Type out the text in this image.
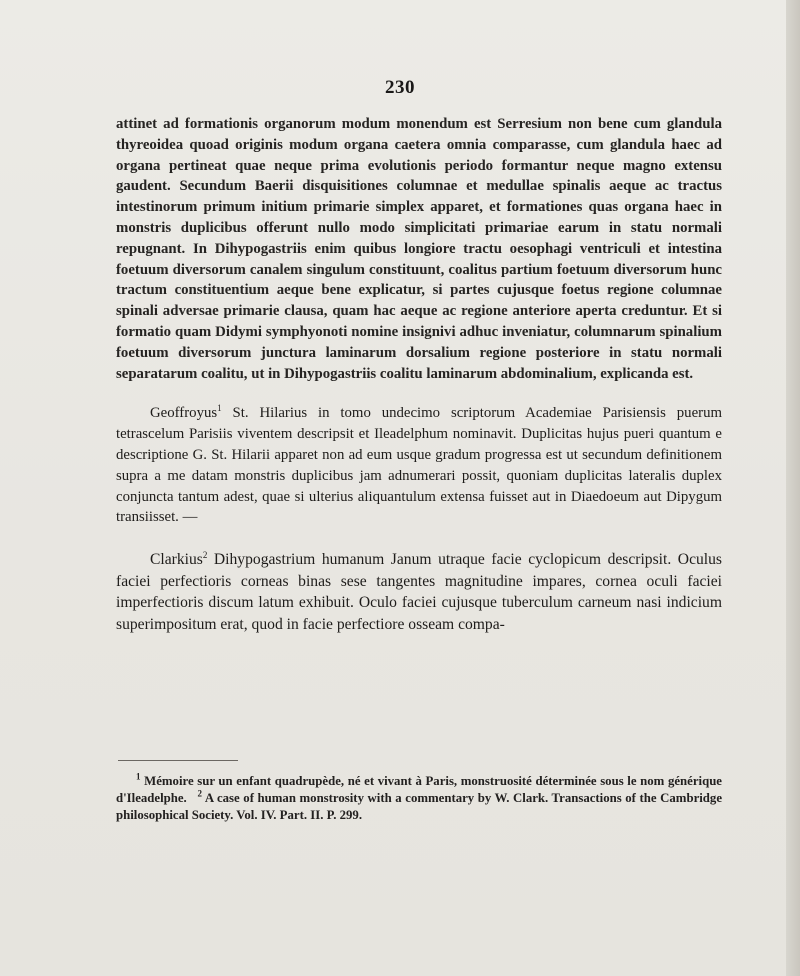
230

attinet ad formationis organorum modum monendum est Serresium non bene cum glandula thyreoidea quoad originis modum organa caetera omnia comparasse, cum glandula haec ad organa pertineat quae neque prima evolutionis periodo formantur neque magno extensu gaudent. Secundum Baerii disquisitiones columnae et medullae spinalis aeque ac tractus intestinorum primum initium primarie simplex apparet, et formationes quas organa haec in monstris duplicibus offerunt nullo modo simplicitati primariae earum in statu normali repugnant. In Dihypogastriis enim quibus longiore tractu oesophagi ventriculi et intestina foetuum diversorum canalem singulum constituunt, coalitus partium foetuum diversorum hunc tractum constituentium aeque bene explicatur, si partes cujusque foetus regione columnae spinali adversae primarie clausa, quam hac aeque ac regione anteriore aperta creduntur. Et si formatio quam Didymi symphyonoti nomine insignivi adhuc inveniatur, columnarum spinalium foetuum diversorum junctura laminarum dorsalium regione posteriore in statu normali separatarum coalitu, ut in Dihypogastriis coalitu laminarum abdominalium, explicanda est.

Geoffroyus$^1$ St. Hilarius in tomo undecimo scriptorum Academiae Parisiensis puerum tetrascelum Parisiis viventem descripsit et Ileadelphum nominavit. Duplicitas hujus pueri quantum e descriptione G. St. Hilarii apparet non ad eum usque gradum progressa est ut secundum definitionem supra a me datam monstris duplicibus jam adnumerari possit, quoniam duplicitas lateralis duplex conjuncta tantum adest, quae si ulterius aliquantulum extensa fuisset aut in Diaedoeum aut Dipygum transiisset. —

Clarkius$^2$ Dihypogastrium humanum Janum utraque facie cyclopicum descripsit. Oculus faciei perfectioris corneas binas sese tangentes magnitudine impares, cornea oculi faciei imperfectioris discum latum exhibuit. Oculo faciei cujusque tuberculum carneum nasi indicium superimpositum erat, quod in facie perfectiore osseam compa-

$^1$ Mémoire sur un enfant quadrupède, né et vivant à Paris, monstruosité déterminée sous le nom générique d'Ileadelphe. $^2$ A case of human monstrosity with a commentary by W. Clark. Transactions of the Cambridge philosophical Society. Vol. IV. Part. II. P. 299.
